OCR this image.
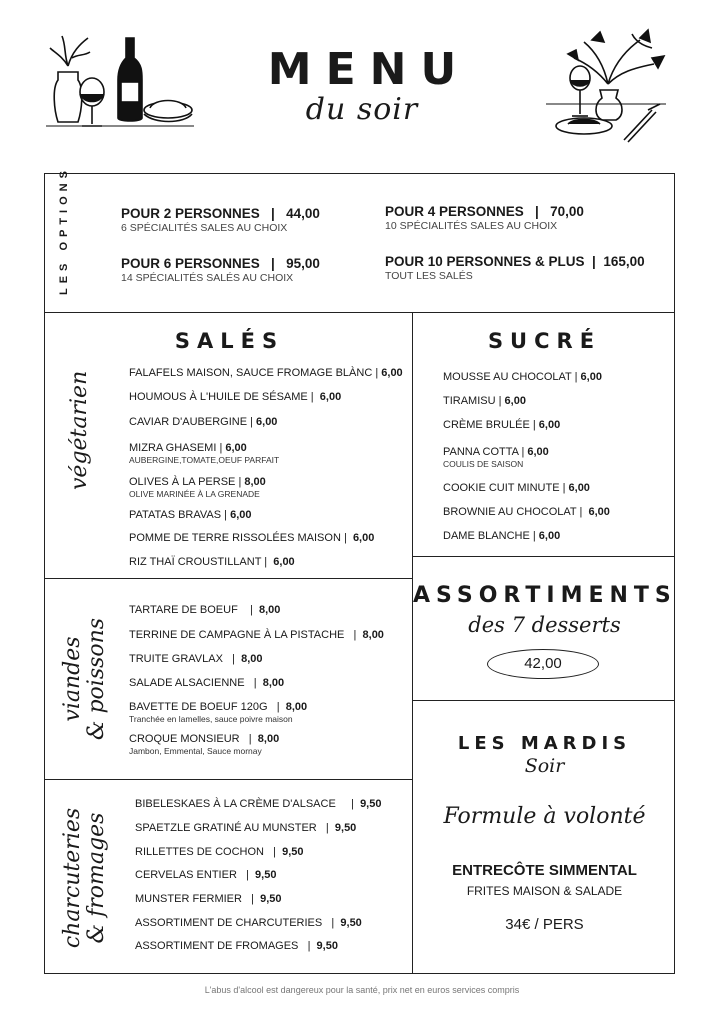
MENU
du soir
LES OPTIONS	POUR 2 PERSONNES   |   44,00
6 SPÉCIALITÉS SALES AU CHOIX
POUR 4 PERSONNES   |   70,00
10 SPÉCIALITÉS SALES AU CHOIX
POUR 6 PERSONNES   |   95,00
14 SPÉCIALITÉS SALÉS AU CHOIX
POUR 10 PERSONNES & PLUS  |  165,00
TOUT LES SALÉS
SALÉS
végétarien	FALAFELS MAISON, SAUCE FROMAGE BLÀNC | 6,00
HOUMOUS À L'HUILE DE SÉSAME | 6,00
CAVIAR D'AUBERGINE | 6,00
MIZRA GHASEMI | 6,00
AUBERGINE,TOMATE,OEUF PARFAIT
OLIVES À LA PERSE | 8,00
OLIVE MARINÉE À LA GRENADE
PATATAS BRAVAS | 6,00
POMME DE TERRE RISSOLÉES MAISON | 6,00
RIZ THAÏ CROUSTILLANT | 6,00
viandes & poissons
TARTARE DE BOEUF    | 8,00
TERRINE DE CAMPAGNE À LA PISTACHE   | 8,00
TRUITE GRAVLAX   | 8,00
SALADE ALSACIENNE   | 8,00
BAVETTE DE BOEUF 120G   | 8,00
Tranchée en lamelles, sauce poivre maison
CROQUE MONSIEUR   | 8,00
Jambon, Emmental, Sauce mornay
charcuteries & fromages
BIBELESKAES À LA CRÈME D'ALSACE     | 9,50
SPAETZLE GRATINÉ AU MUNSTER   | 9,50
RILLETTES DE COCHON   | 9,50
CERVELAS ENTIER   | 9,50
MUNSTER FERMIER   | 9,50
ASSORTIMENT DE CHARCUTERIES   | 9,50
ASSORTIMENT DE FROMAGES   | 9,50
SUCRÉ
MOUSSE AU CHOCOLAT | 6,00
TIRAMISU | 6,00
CRÈME BRULÉE | 6,00
PANNA COTTA | 6,00
COULIS DE SAISON
COOKIE CUIT MINUTE | 6,00
BROWNIE AU CHOCOLAT | 6,00
DAME BLANCHE | 6,00
ASSORTIMENTS
des 7 desserts
42,00
LES MARDIS
Soir
Formule à volonté
ENTRECÔTE SIMMENTAL
FRITES MAISON & SALADE
34€ / PERS
L'abus d'alcool est dangereux pour la santé, prix net en euros services compris
